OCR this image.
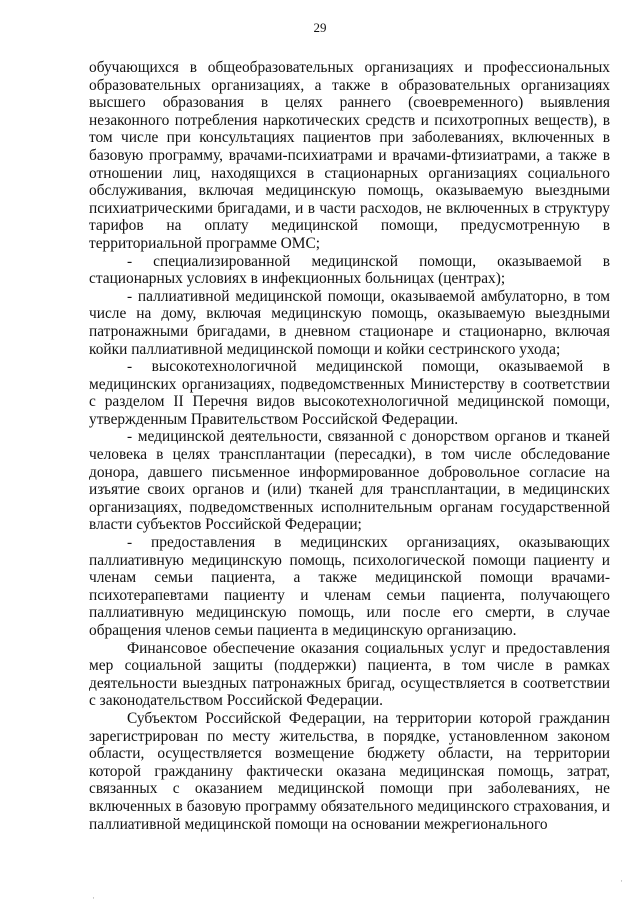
29

обучающихся в общеобразовательных организациях и профессиональных образовательных организациях, а также в образовательных организациях высшего образования в целях раннего (своевременного) выявления незаконного потребления наркотических средств и психотропных веществ), в том числе при консультациях пациентов при заболеваниях, включенных в базовую программу, врачами-психиатрами и врачами-фтизиатрами, а также в отношении лиц, находящихся в стационарных организациях социального обслуживания, включая медицинскую помощь, оказываемую выездными психиатрическими бригадами, и в части расходов, не включенных в структуру тарифов на оплату медицинской помощи, предусмотренную в территориальной программе ОМС;

- специализированной медицинской помощи, оказываемой в стационарных условиях в инфекционных больницах (центрах);

- паллиативной медицинской помощи, оказываемой амбулаторно, в том числе на дому, включая медицинскую помощь, оказываемую выездными патронажными бригадами, в дневном стационаре и стационарно, включая койки паллиативной медицинской помощи и койки сестринского ухода;

- высокотехнологичной медицинской помощи, оказываемой в медицинских организациях, подведомственных Министерству в соответствии с разделом II Перечня видов высокотехнологичной медицинской помощи, утвержденным Правительством Российской Федерации.

- медицинской деятельности, связанной с донорством органов и тканей человека в целях трансплантации (пересадки), в том числе обследование донора, давшего письменное информированное добровольное согласие на изъятие своих органов и (или) тканей для трансплантации, в медицинских организациях, подведомственных исполнительным органам государственной власти субъектов Российской Федерации;

- предоставления в медицинских организациях, оказывающих паллиативную медицинскую помощь, психологической помощи пациенту и членам семьи пациента, а также медицинской помощи врачами-психотерапевтами пациенту и членам семьи пациента, получающего паллиативную медицинскую помощь, или после его смерти, в случае обращения членов семьи пациента в медицинскую организацию.

Финансовое обеспечение оказания социальных услуг и предоставления мер социальной защиты (поддержки) пациента, в том числе в рамках деятельности выездных патронажных бригад, осуществляется в соответствии с законодательством Российской Федерации.

Субъектом Российской Федерации, на территории которой гражданин зарегистрирован по месту жительства, в порядке, установленном законом области, осуществляется возмещение бюджету области, на территории которой гражданину фактически оказана медицинская помощь, затрат, связанных с оказанием медицинской помощи при заболеваниях, не включенных в базовую программу обязательного медицинского страхования, и паллиативной медицинской помощи на основании межрегионального

·
·
